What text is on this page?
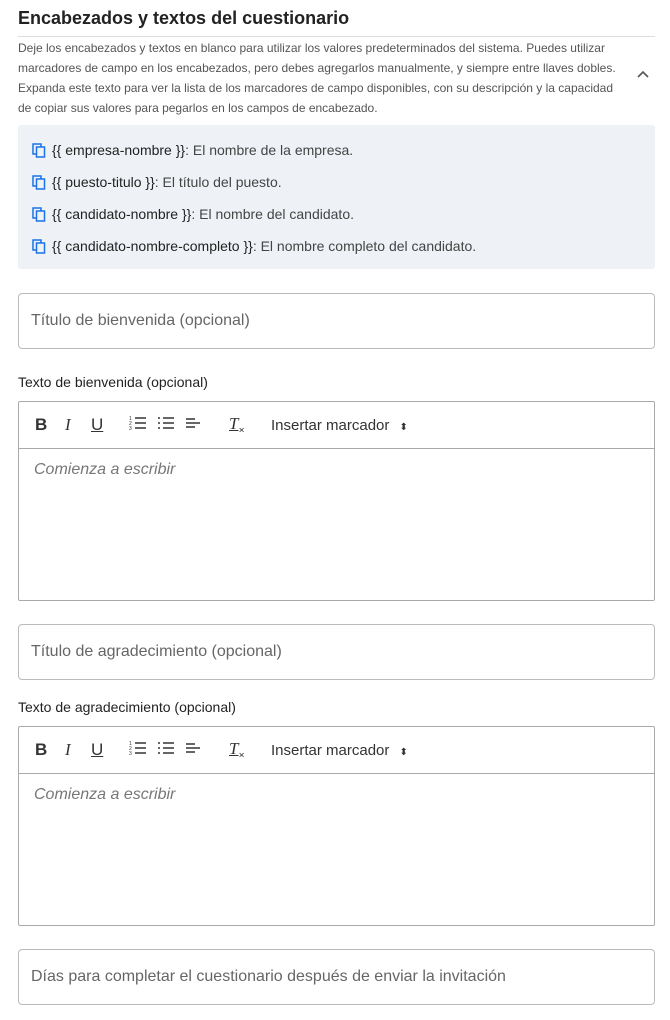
Encabezados y textos del cuestionario
Deje los encabezados y textos en blanco para utilizar los valores predeterminados del sistema. Puedes utilizar marcadores de campo en los encabezados, pero debes agregarlos manualmente, y siempre entre llaves dobles. Expanda este texto para ver la lista de los marcadores de campo disponibles, con su descripción y la capacidad de copiar sus valores para pegarlos en los campos de encabezado.
{{ empresa-nombre }} : El nombre de la empresa.
{{ puesto-titulo }} : El título del puesto.
{{ candidato-nombre }} : El nombre del candidato.
{{ candidato-nombre-completo }} : El nombre completo del candidato.
Título de bienvenida (opcional)
Texto de bienvenida (opcional)
B	I	U	1
2
3	$T_\times$	Insertar marcador ⬍
Comienza a escribir
Título de agradecimiento (opcional)
Texto de agradecimiento (opcional)
B	I	U	1
2
3	$T_\times$	Insertar marcador ⬍
Comienza a escribir
Días para completar el cuestionario después de enviar la invitación
